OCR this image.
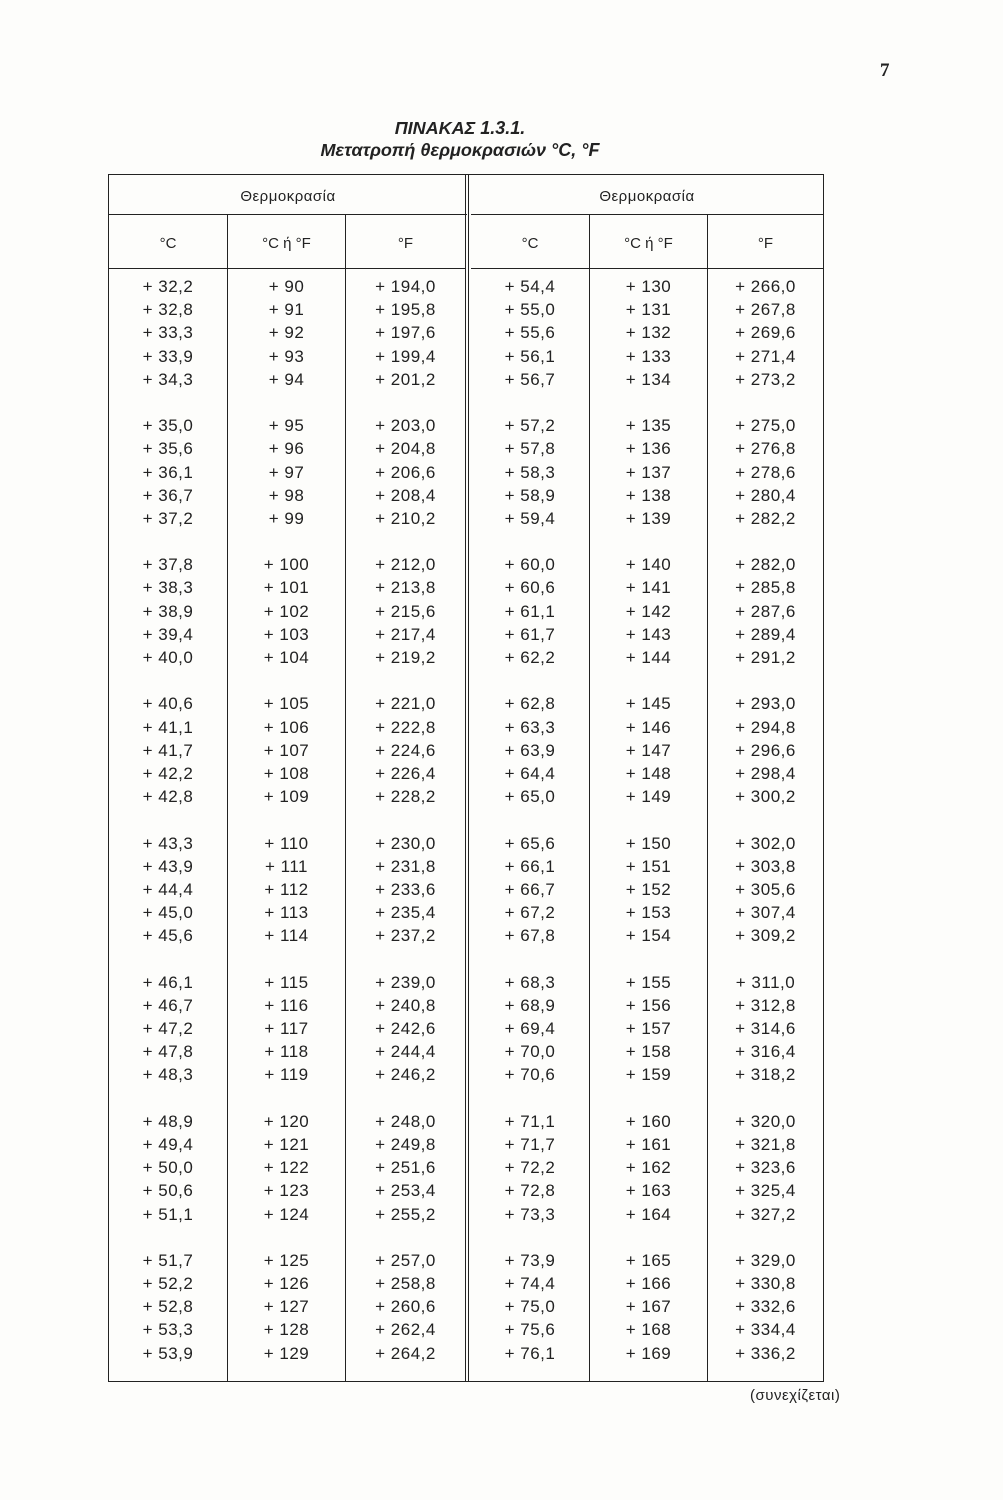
7
ΠΙΝΑΚΑΣ 1.3.1.
Μετατροπή θερμοκρασιών °C, °F
Θερμοκρασία
°C
+ 32,2
+ 32,8
+ 33,3
+ 33,9
+ 34,3
+ 35,0
+ 35,6
+ 36,1
+ 36,7
+ 37,2
+ 37,8
+ 38,3
+ 38,9
+ 39,4
+ 40,0
+ 40,6
+ 41,1
+ 41,7
+ 42,2
+ 42,8
+ 43,3
+ 43,9
+ 44,4
+ 45,0
+ 45,6
+ 46,1
+ 46,7
+ 47,2
+ 47,8
+ 48,3
+ 48,9
+ 49,4
+ 50,0
+ 50,6
+ 51,1
+ 51,7
+ 52,2
+ 52,8
+ 53,3
+ 53,9
°C ή °F
+ 90
+ 91
+ 92
+ 93
+ 94
+ 95
+ 96
+ 97
+ 98
+ 99
+ 100
+ 101
+ 102
+ 103
+ 104
+ 105
+ 106
+ 107
+ 108
+ 109
+ 110
+ 111
+ 112
+ 113
+ 114
+ 115
+ 116
+ 117
+ 118
+ 119
+ 120
+ 121
+ 122
+ 123
+ 124
+ 125
+ 126
+ 127
+ 128
+ 129
°F
+ 194,0
+ 195,8
+ 197,6
+ 199,4
+ 201,2
+ 203,0
+ 204,8
+ 206,6
+ 208,4
+ 210,2
+ 212,0
+ 213,8
+ 215,6
+ 217,4
+ 219,2
+ 221,0
+ 222,8
+ 224,6
+ 226,4
+ 228,2
+ 230,0
+ 231,8
+ 233,6
+ 235,4
+ 237,2
+ 239,0
+ 240,8
+ 242,6
+ 244,4
+ 246,2
+ 248,0
+ 249,8
+ 251,6
+ 253,4
+ 255,2
+ 257,0
+ 258,8
+ 260,6
+ 262,4
+ 264,2
Θερμοκρασία
°C
+ 54,4
+ 55,0
+ 55,6
+ 56,1
+ 56,7
+ 57,2
+ 57,8
+ 58,3
+ 58,9
+ 59,4
+ 60,0
+ 60,6
+ 61,1
+ 61,7
+ 62,2
+ 62,8
+ 63,3
+ 63,9
+ 64,4
+ 65,0
+ 65,6
+ 66,1
+ 66,7
+ 67,2
+ 67,8
+ 68,3
+ 68,9
+ 69,4
+ 70,0
+ 70,6
+ 71,1
+ 71,7
+ 72,2
+ 72,8
+ 73,3
+ 73,9
+ 74,4
+ 75,0
+ 75,6
+ 76,1
°C ή °F
+ 130
+ 131
+ 132
+ 133
+ 134
+ 135
+ 136
+ 137
+ 138
+ 139
+ 140
+ 141
+ 142
+ 143
+ 144
+ 145
+ 146
+ 147
+ 148
+ 149
+ 150
+ 151
+ 152
+ 153
+ 154
+ 155
+ 156
+ 157
+ 158
+ 159
+ 160
+ 161
+ 162
+ 163
+ 164
+ 165
+ 166
+ 167
+ 168
+ 169
°F
+ 266,0
+ 267,8
+ 269,6
+ 271,4
+ 273,2
+ 275,0
+ 276,8
+ 278,6
+ 280,4
+ 282,2
+ 282,0
+ 285,8
+ 287,6
+ 289,4
+ 291,2
+ 293,0
+ 294,8
+ 296,6
+ 298,4
+ 300,2
+ 302,0
+ 303,8
+ 305,6
+ 307,4
+ 309,2
+ 311,0
+ 312,8
+ 314,6
+ 316,4
+ 318,2
+ 320,0
+ 321,8
+ 323,6
+ 325,4
+ 327,2
+ 329,0
+ 330,8
+ 332,6
+ 334,4
+ 336,2
(συνεχίζεται)
